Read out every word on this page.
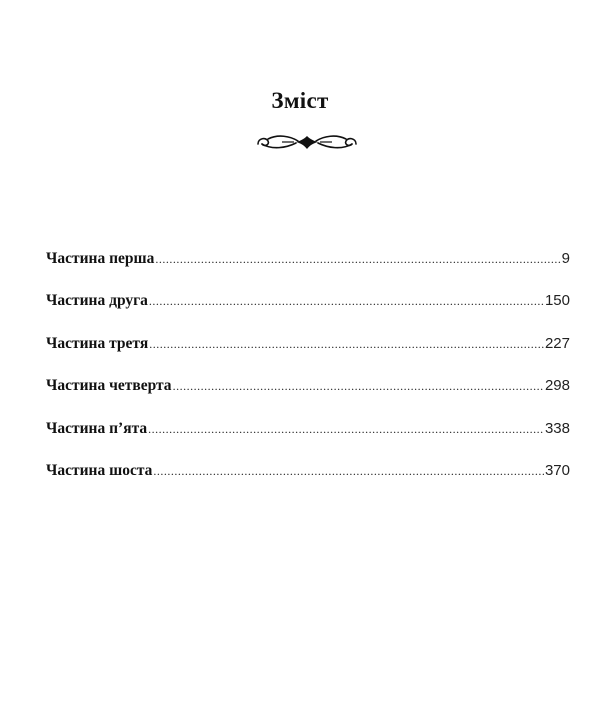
Зміст
Частина перша .....	9
Частина друга .....	150
Частина третя .....	227
Частина четверта .....	298
Частина п’ята .....	338
Частина шоста .....	370
